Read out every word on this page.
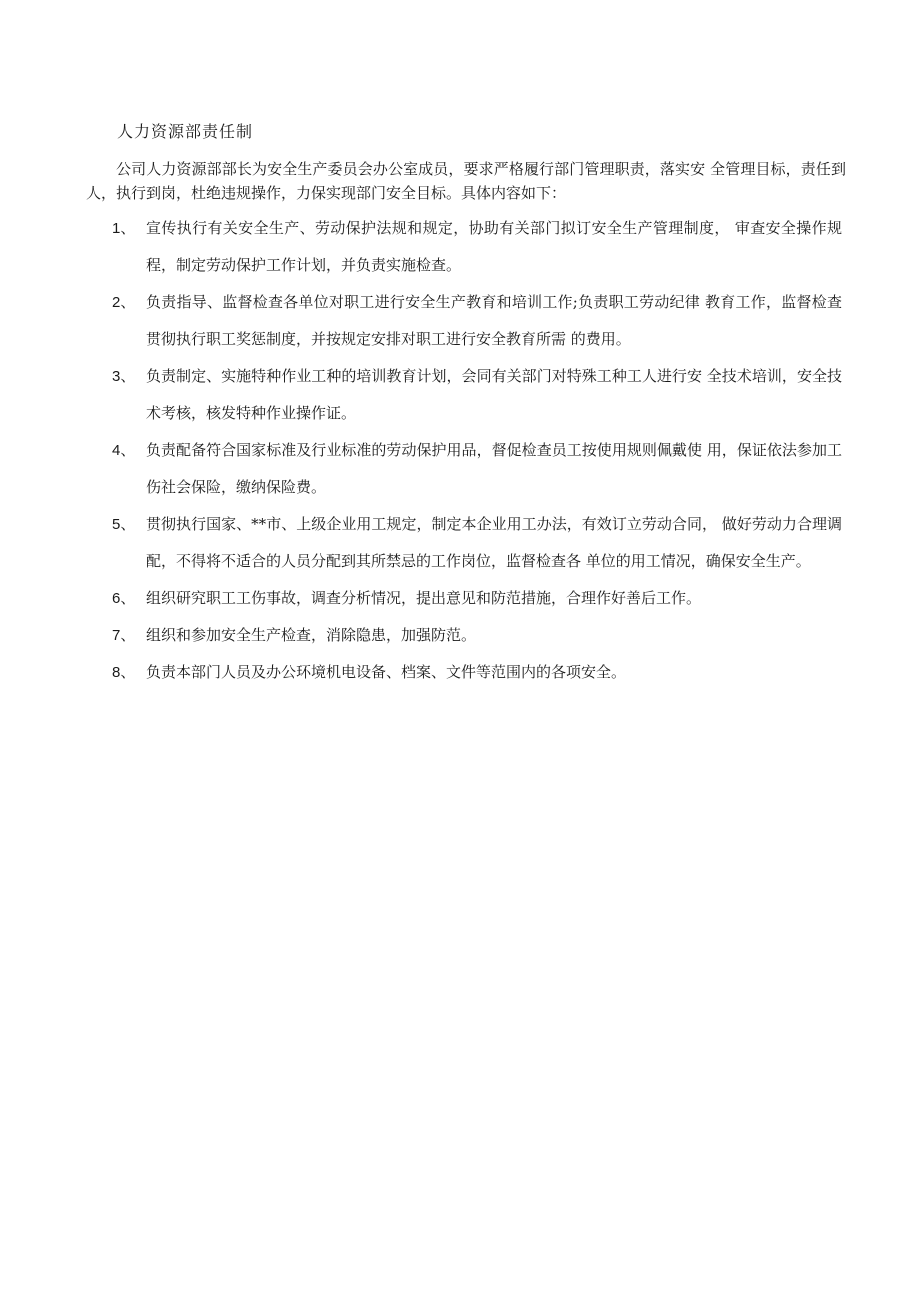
人力资源部责任制
公司人力资源部部长为安全生产委员会办公室成员，要求严格履行部门管理职责，落实安 全管理目标，责任到人，执行到岗，杜绝违规操作，力保实现部门安全目标。具体内容如下：
1、 宣传执行有关安全生产、劳动保护法规和规定，协助有关部门拟订安全生产管理制度， 审查安全操作规程，制定劳动保护工作计划，并负责实施检查。
2、 负责指导、监督检查各单位对职工进行安全生产教育和培训工作;负责职工劳动纪律 教育工作，监督检查贯彻执行职工奖惩制度，并按规定安排对职工进行安全教育所需 的费用。
3、 负责制定、实施特种作业工种的培训教育计划，会同有关部门对特殊工种工人进行安 全技术培训，安全技术考核，核发特种作业操作证。
4、 负责配备符合国家标准及行业标准的劳动保护用品，督促检查员工按使用规则佩戴使 用，保证依法参加工伤社会保险，缴纳保险费。
5、 贯彻执行国家、**市、上级企业用工规定，制定本企业用工办法，有效订立劳动合同， 做好劳动力合理调配，不得将不适合的人员分配到其所禁忌的工作岗位，监督检查各 单位的用工情况，确保安全生产。
6、 组织研究职工工伤事故，调查分析情况，提出意见和防范措施，合理作好善后工作。
7、 组织和参加安全生产检查，消除隐患，加强防范。
8、 负责本部门人员及办公环境机电设备、档案、文件等范围内的各项安全。
